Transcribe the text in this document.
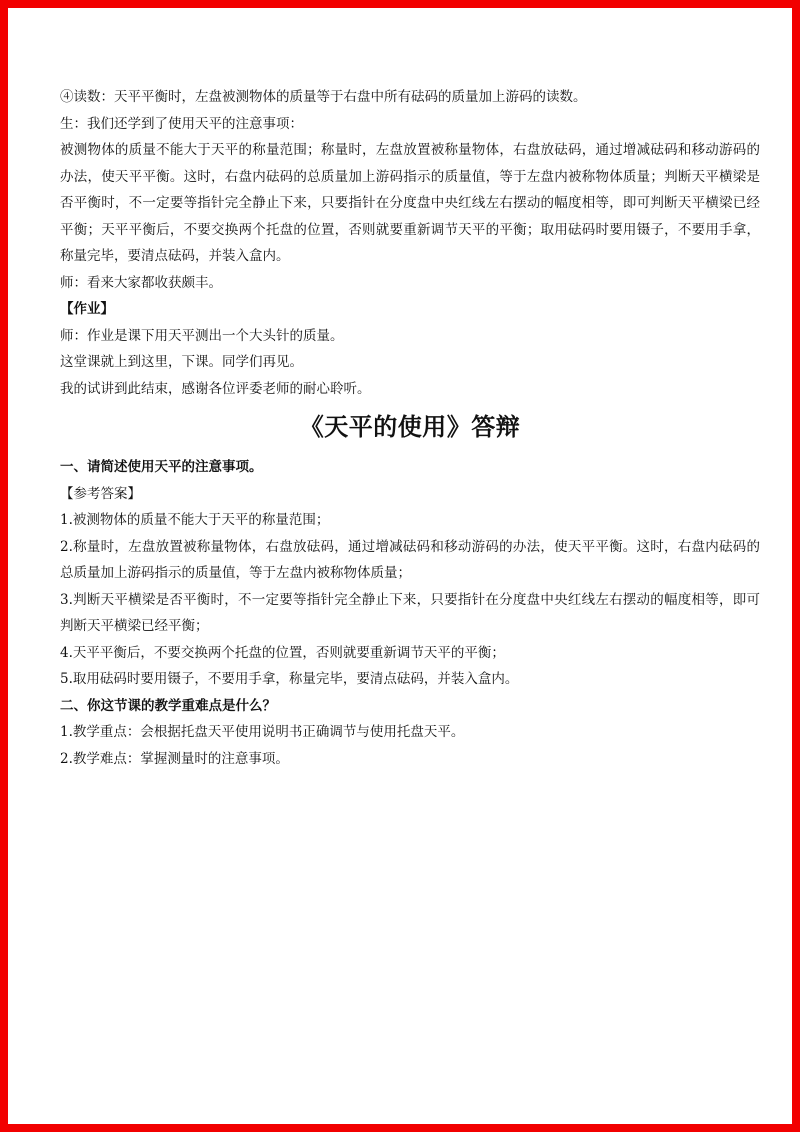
④读数：天平平衡时，左盘被测物体的质量等于右盘中所有砝码的质量加上游码的读数。

生：我们还学到了使用天平的注意事项：

被测物体的质量不能大于天平的称量范围；称量时，左盘放置被称量物体，右盘放砝码，通过增减砝码和移动游码的办法，使天平平衡。这时，右盘内砝码的总质量加上游码指示的质量值，等于左盘内被称物体质量；判断天平横梁是否平衡时，不一定要等指针完全静止下来，只要指针在分度盘中央红线左右摆动的幅度相等，即可判断天平横梁已经平衡；天平平衡后，不要交换两个托盘的位置，否则就要重新调节天平的平衡；取用砝码时要用镊子，不要用手拿，称量完毕，要清点砝码，并装入盒内。

师：看来大家都收获颇丰。

【作业】

师：作业是课下用天平测出一个大头针的质量。

这堂课就上到这里，下课。同学们再见。

我的试讲到此结束，感谢各位评委老师的耐心聆听。

《天平的使用》答辩

一、请简述使用天平的注意事项。

【参考答案】

1.被测物体的质量不能大于天平的称量范围；

2.称量时，左盘放置被称量物体，右盘放砝码，通过增减砝码和移动游码的办法，使天平平衡。这时，右盘内砝码的总质量加上游码指示的质量值，等于左盘内被称物体质量；

3.判断天平横梁是否平衡时，不一定要等指针完全静止下来，只要指针在分度盘中央红线左右摆动的幅度相等，即可判断天平横梁已经平衡；

4.天平平衡后，不要交换两个托盘的位置，否则就要重新调节天平的平衡；

5.取用砝码时要用镊子，不要用手拿，称量完毕，要清点砝码，并装入盒内。

二、你这节课的教学重难点是什么？

1.教学重点：会根据托盘天平使用说明书正确调节与使用托盘天平。

2.教学难点：掌握测量时的注意事项。
